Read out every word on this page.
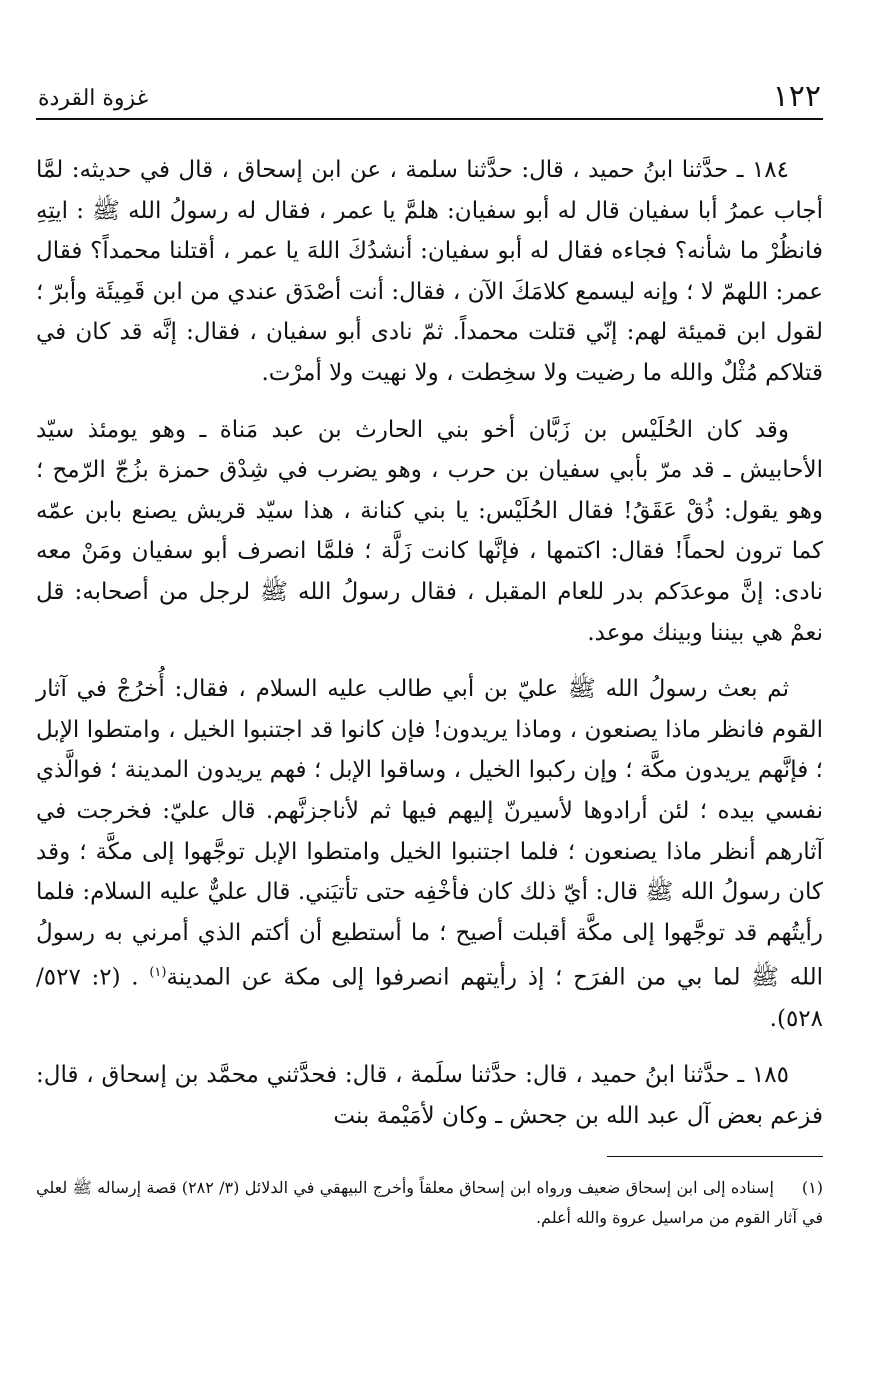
١٢٢
غزوة القردة

١٨٤ ـ حدَّثنا ابنُ حميد ، قال: حدَّثنا سلمة ، عن ابن إسحاق ، قال في حديثه: لمَّا أجاب عمرُ أبا سفيان قال له أبو سفيان: هلمَّ يا عمر ، فقال له رسولُ الله ﷺ : ايتِهِ فانظُرْ ما شأنه؟ فجاءه فقال له أبو سفيان: أنشدُكَ اللهَ يا عمر ، أقتلنا محمداً؟ فقال عمر: اللهمّ لا ؛ وإنه ليسمع كلامَكَ الآن ، فقال: أنت أصْدَق عندي من ابن قَمِيئَة وأبرّ ؛ لقول ابن قميئة لهم: إنّي قتلت محمداً. ثمّ نادى أبو سفيان ، فقال: إنَّه قد كان في قتلاكم مُثْلٌ والله ما رضيت ولا سخِطت ، ولا نهيت ولا أمرْت.

وقد كان الحُلَيْس بن زَبَّان أخو بني الحارث بن عبد مَناة ـ وهو يومئذ سيّد الأحابيش ـ قد مرّ بأبي سفيان بن حرب ، وهو يضرب في شِدْق حمزة بزُجّ الرّمح ؛ وهو يقول: ذُقْ عَقَقُ! فقال الحُلَيْس: يا بني كنانة ، هذا سيّد قريش يصنع بابن عمّه كما ترون لحماً! فقال: اكتمها ، فإنَّها كانت زَلَّة ؛ فلمَّا انصرف أبو سفيان ومَنْ معه نادى: إنَّ موعدَكم بدر للعام المقبل ، فقال رسولُ الله ﷺ لرجل من أصحابه: قل نعمْ هي بيننا وبينك موعد.

ثم بعث رسولُ الله ﷺ عليّ بن أبي طالب عليه السلام ، فقال: أُخرُجْ في آثار القوم فانظر ماذا يصنعون ، وماذا يريدون! فإن كانوا قد اجتنبوا الخيل ، وامتطوا الإبل ؛ فإنَّهم يريدون مكَّة ؛ وإن ركبوا الخيل ، وساقوا الإبل ؛ فهم يريدون المدينة ؛ فوالَّذي نفسي بيده ؛ لئن أرادوها لأسيرنّ إليهم فيها ثم لأناجزنَّهم. قال عليّ: فخرجت في آثارهم أنظر ماذا يصنعون ؛ فلما اجتنبوا الخيل وامتطوا الإبل توجَّهوا إلى مكَّة ؛ وقد كان رسولُ الله ﷺ قال: أيّ ذلك كان فأخْفِه حتى تأتيَني. قال عليٌّ عليه السلام: فلما رأيتُهم قد توجَّهوا إلى مكَّة أقبلت أصيح ؛ ما أستطيع أن أكتم الذي أمرني به رسولُ الله ﷺ لما بي من الفرَح ؛ إذ رأيتهم انصرفوا إلى مكة عن المدينة$^{(١)}$ . (٢: ٥٢٧/ ٥٢٨).

١٨٥ ـ حدَّثنا ابنُ حميد ، قال: حدَّثنا سلَمة ، قال: فحدَّثني محمَّد بن إسحاق ، قال: فزعم بعض آل عبد الله بن جحش ـ وكان لأمَيْمة بنت

(١)إسناده إلى ابن إسحاق ضعيف ورواه ابن إسحاق معلقاً وأخرج البيهقي في الدلائل (٣/ ٢٨٢) قصة إرساله ﷺ لعلي في آثار القوم من مراسيل عروة والله أعلم.
